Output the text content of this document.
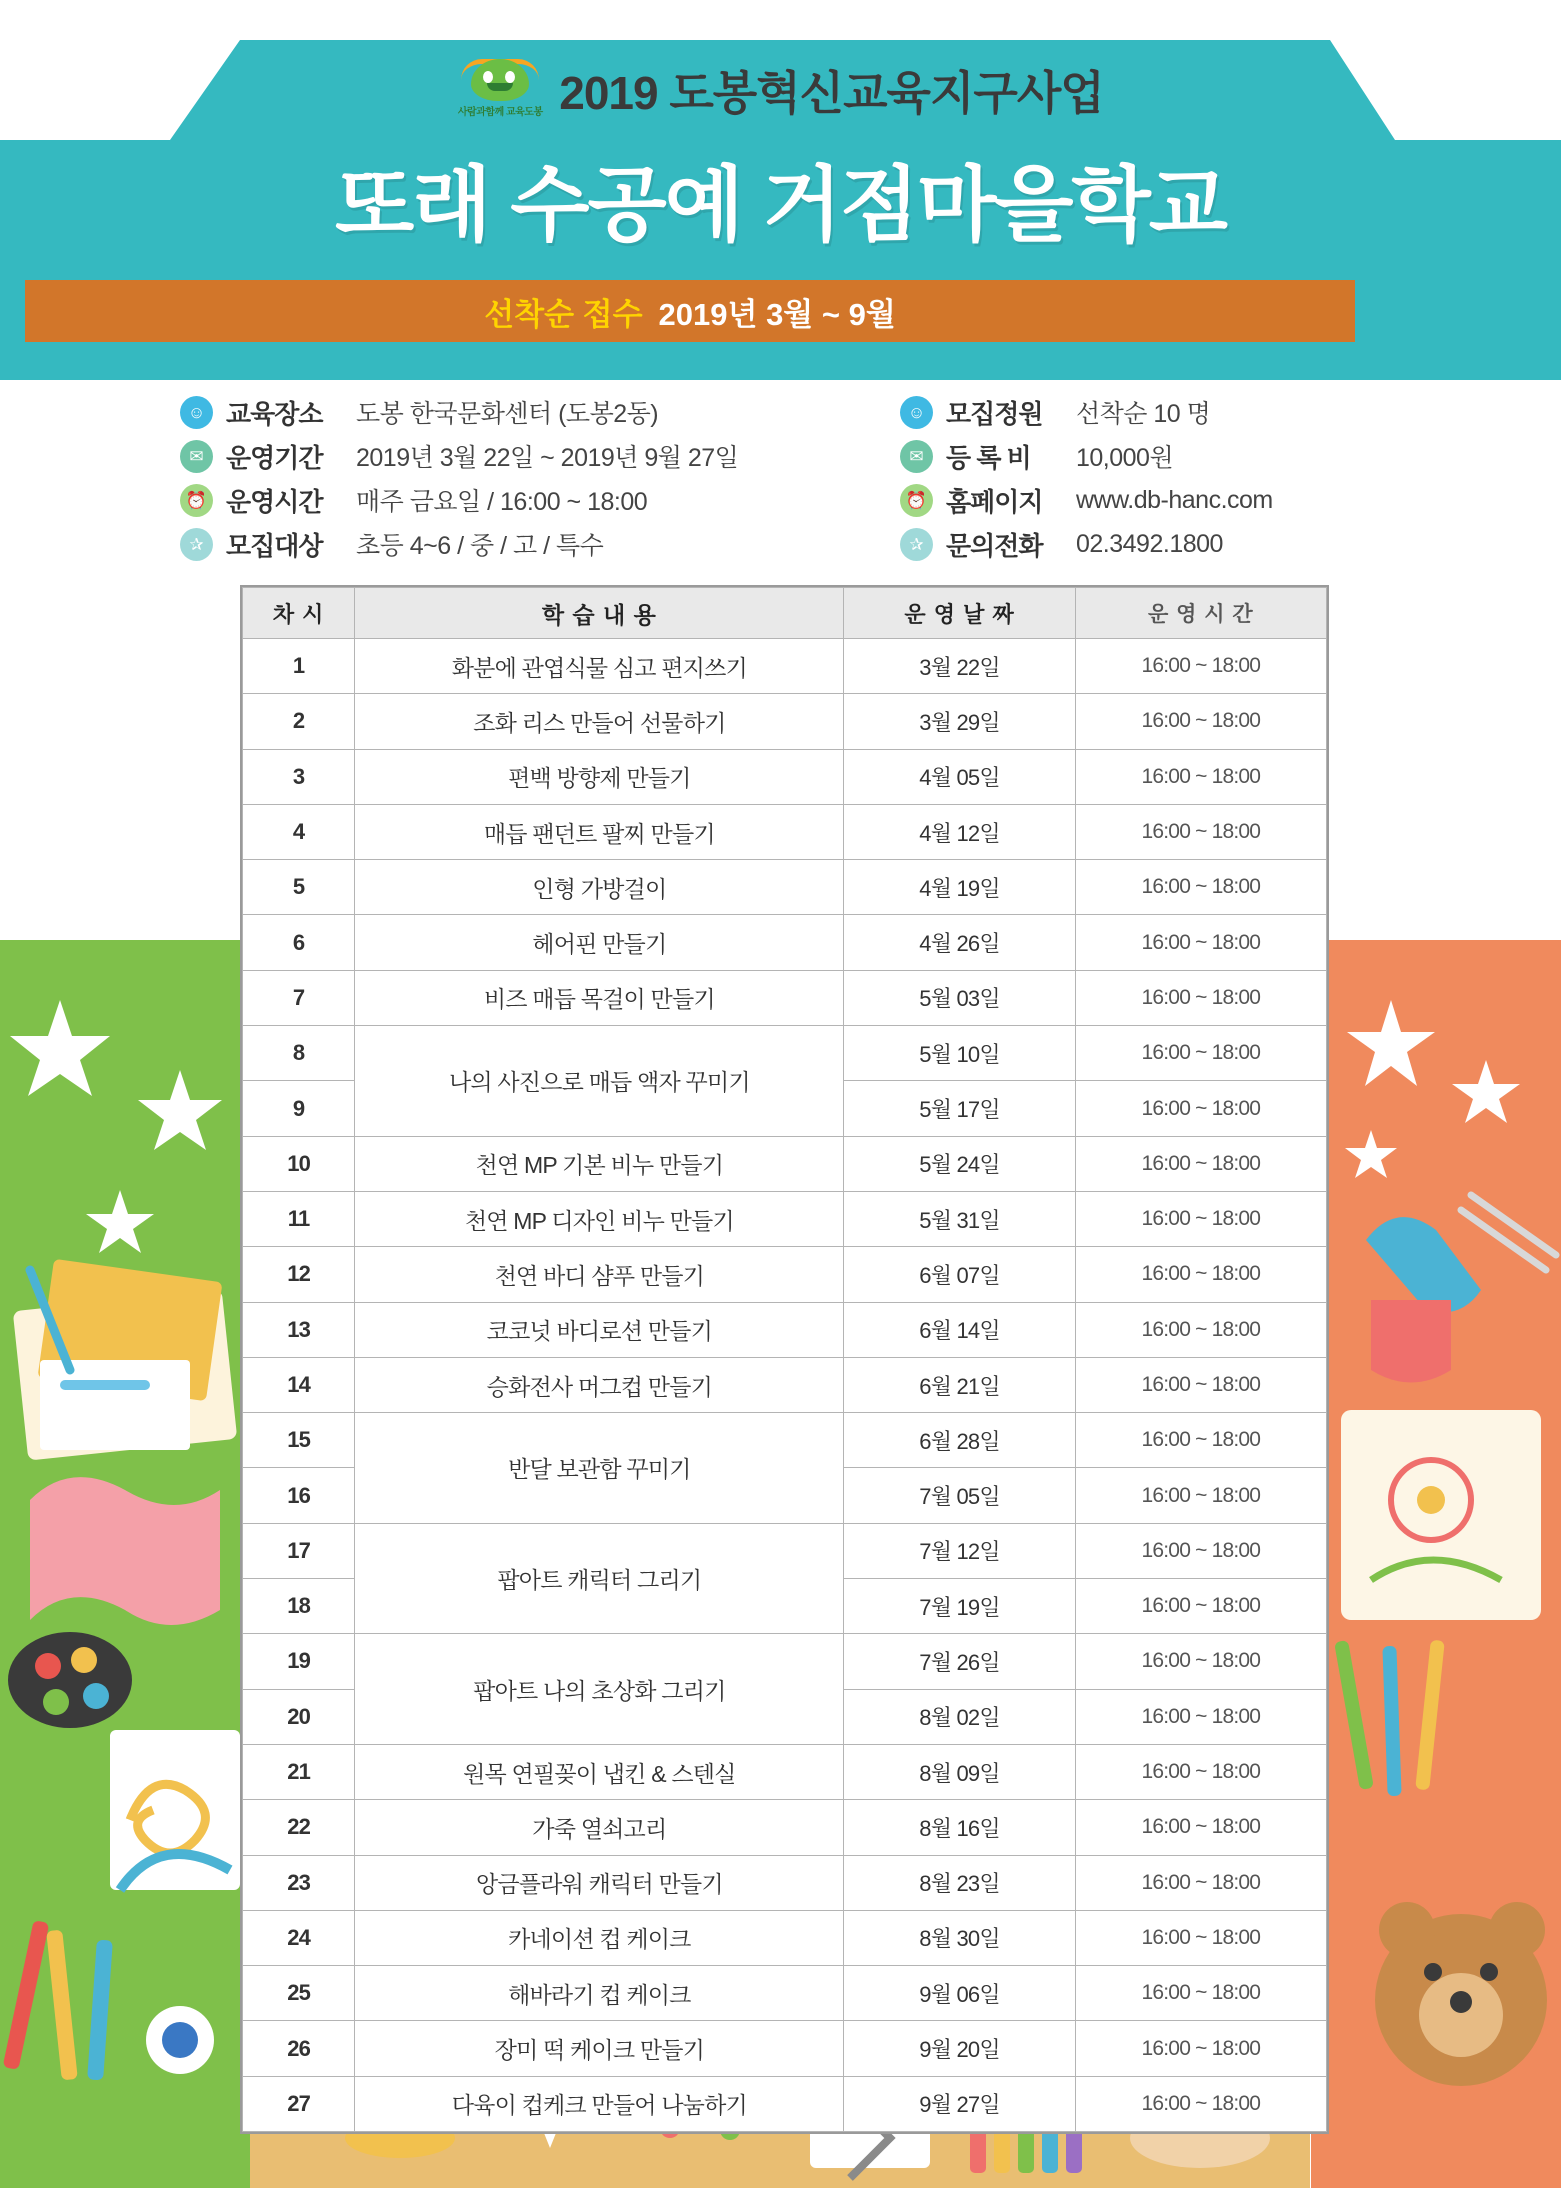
사람과함께 교육도봉 2019 도봉혁신교육지구사업
또래 수공예 거점마을학교
선착순 접수 2019년 3월 ~ 9월
☺ 교육장소	도봉 한국문화센터 (도봉2동)
✉ 운영기간	2019년 3월 22일 ~ 2019년 9월 27일
⏰ 운영시간	매주 금요일 / 16:00 ~ 18:00
✰ 모집대상	초등 4~6 / 중 / 고 / 특수
☺ 모집정원	선착순 10 명
✉ 등 록 비	10,000원
⏰ 홈페이지	www.db-hanc.com
✰ 문의전화	02.3492.1800
차 시	학 습 내 용	운 영 날 짜	운 영 시 간
1	화분에 관엽식물 심고 편지쓰기	3월 22일	16:00 ~ 18:00
2	조화 리스 만들어 선물하기	3월 29일	16:00 ~ 18:00
3	편백 방향제 만들기	4월 05일	16:00 ~ 18:00
4	매듭 팬던트 팔찌 만들기	4월 12일	16:00 ~ 18:00
5	인형 가방걸이	4월 19일	16:00 ~ 18:00
6	헤어핀 만들기	4월 26일	16:00 ~ 18:00
7	비즈 매듭 목걸이 만들기	5월 03일	16:00 ~ 18:00
8	나의 사진으로 매듭 액자 꾸미기	5월 10일	16:00 ~ 18:00
9		5월 17일	16:00 ~ 18:00
10	천연 MP 기본 비누 만들기	5월 24일	16:00 ~ 18:00
11	천연 MP 디자인 비누 만들기	5월 31일	16:00 ~ 18:00
12	천연 바디 샴푸 만들기	6월 07일	16:00 ~ 18:00
13	코코넛 바디로션 만들기	6월 14일	16:00 ~ 18:00
14	승화전사 머그컵 만들기	6월 21일	16:00 ~ 18:00
15	반달 보관함 꾸미기	6월 28일	16:00 ~ 18:00
16		7월 05일	16:00 ~ 18:00
17	팝아트 캐릭터 그리기	7월 12일	16:00 ~ 18:00
18		7월 19일	16:00 ~ 18:00
19	팝아트 나의 초상화 그리기	7월 26일	16:00 ~ 18:00
20		8월 02일	16:00 ~ 18:00
21	원목 연필꽂이 냅킨 & 스텐실	8월 09일	16:00 ~ 18:00
22	가죽 열쇠고리	8월 16일	16:00 ~ 18:00
23	앙금플라워 캐릭터 만들기	8월 23일	16:00 ~ 18:00
24	카네이션 컵 케이크	8월 30일	16:00 ~ 18:00
25	해바라기 컵 케이크	9월 06일	16:00 ~ 18:00
26	장미 떡 케이크 만들기	9월 20일	16:00 ~ 18:00
27	다육이 컵케크 만들어 나눔하기	9월 27일	16:00 ~ 18:00
